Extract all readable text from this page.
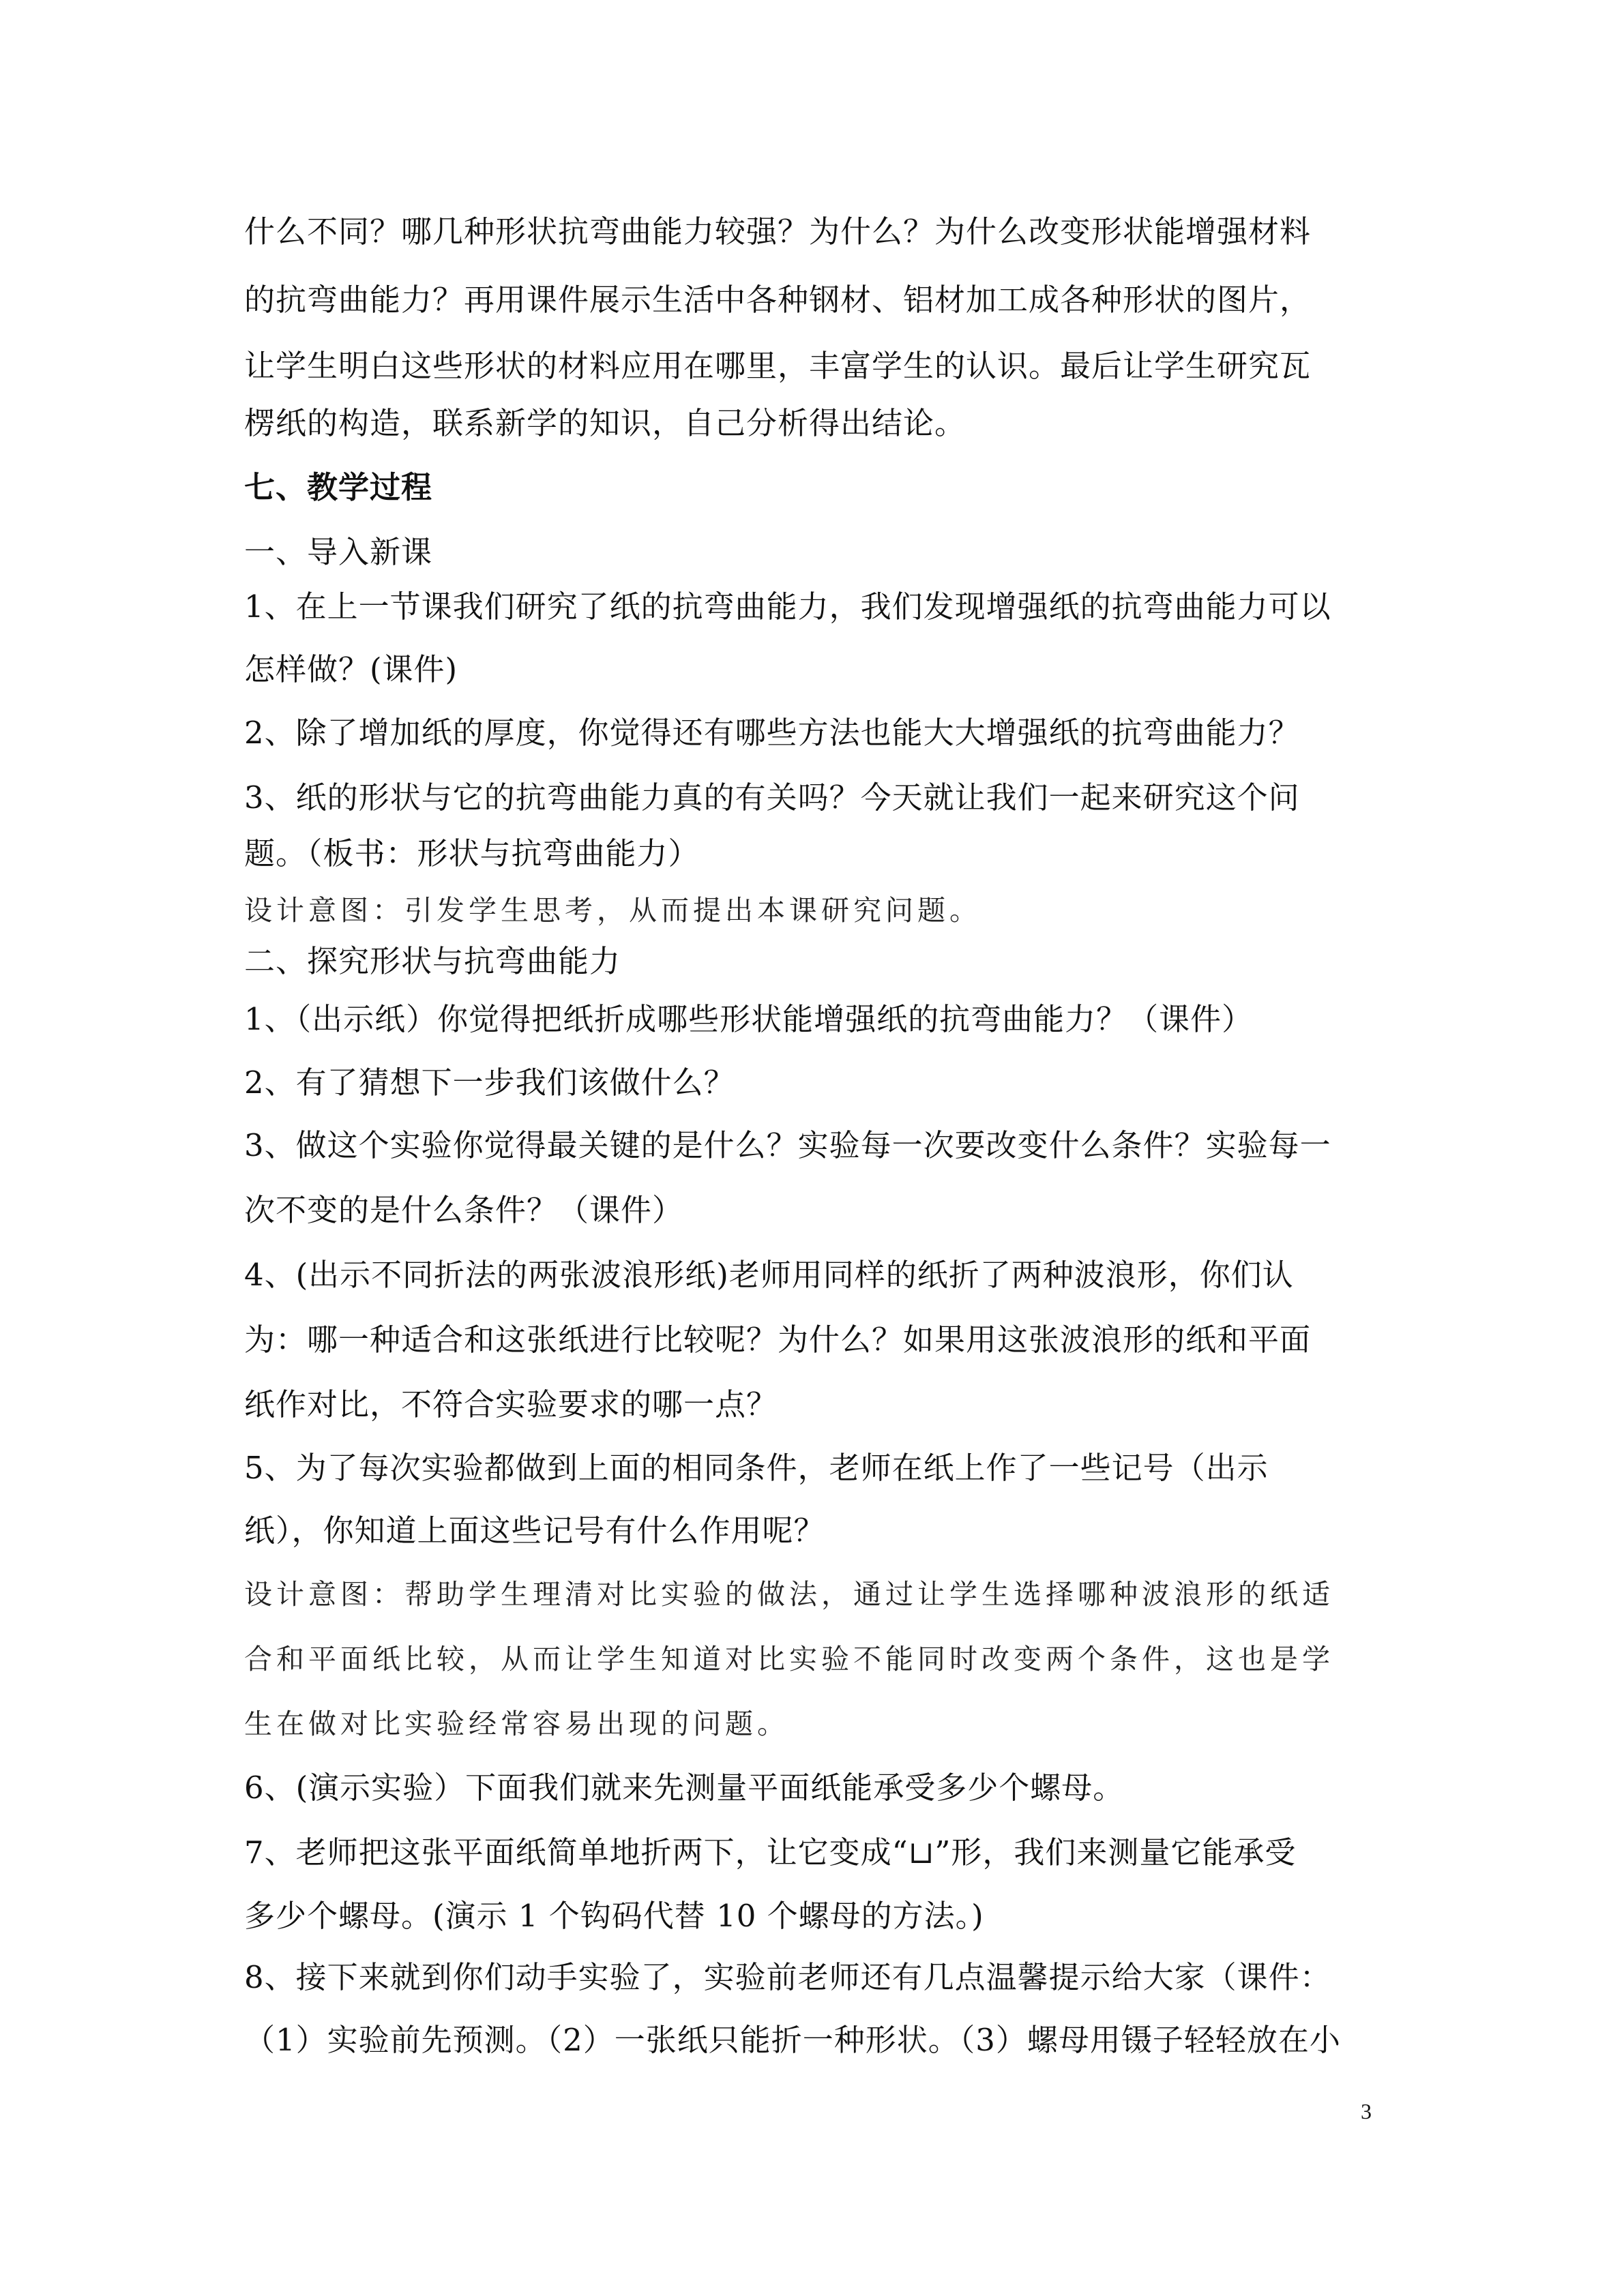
什么不同？哪几种形状抗弯曲能力较强？为什么？为什么改变形状能增强材料
的抗弯曲能力？再用课件展示生活中各种钢材、铝材加工成各种形状的图片，
让学生明白这些形状的材料应用在哪里，丰富学生的认识。最后让学生研究瓦
楞纸的构造，联系新学的知识，自己分析得出结论。
七、教学过程
一、导入新课
1、在上一节课我们研究了纸的抗弯曲能力，我们发现增强纸的抗弯曲能力可以
怎样做？(课件)
2、除了增加纸的厚度，你觉得还有哪些方法也能大大增强纸的抗弯曲能力？
3、纸的形状与它的抗弯曲能力真的有关吗？今天就让我们一起来研究这个问
题。（板书：形状与抗弯曲能力）
设计意图：引发学生思考，从而提出本课研究问题。
二、探究形状与抗弯曲能力
1、（出示纸）你觉得把纸折成哪些形状能增强纸的抗弯曲能力？（课件）
2、有了猜想下一步我们该做什么？
3、做这个实验你觉得最关键的是什么？实验每一次要改变什么条件？实验每一
次不变的是什么条件？（课件）
4、(出示不同折法的两张波浪形纸)老师用同样的纸折了两种波浪形，你们认
为：哪一种适合和这张纸进行比较呢？为什么？如果用这张波浪形的纸和平面
纸作对比，不符合实验要求的哪一点？
5、为了每次实验都做到上面的相同条件，老师在纸上作了一些记号（出示
纸），你知道上面这些记号有什么作用呢？
设计意图：帮助学生理清对比实验的做法，通过让学生选择哪种波浪形的纸适
合和平面纸比较，从而让学生知道对比实验不能同时改变两个条件，这也是学
生在做对比实验经常容易出现的问题。
6、(演示实验）下面我们就来先测量平面纸能承受多少个螺母。
7、老师把这张平面纸简单地折两下，让它变成“⊔”形，我们来测量它能承受
多少个螺母。(演示 1 个钩码代替 10 个螺母的方法。)
8、接下来就到你们动手实验了，实验前老师还有几点温馨提示给大家（课件：
（1）实验前先预测。（2）一张纸只能折一种形状。（3）螺母用镊子轻轻放在小
3
